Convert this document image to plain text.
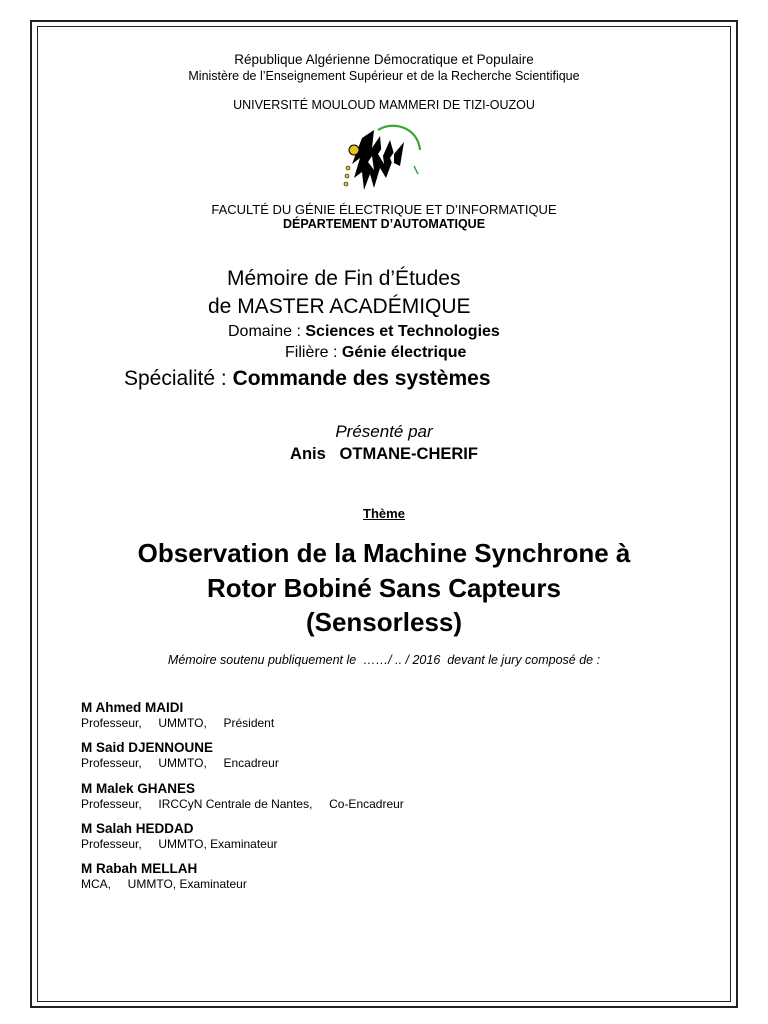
République Algérienne Démocratique et Populaire
Ministère de l’Enseignement Supérieur et de la Recherche Scientifique
UNIVERSITÉ MOULOUD MAMMERI DE TIZI-OUZOU
FACULTÉ DU GÉNIE ÉLECTRIQUE ET D’INFORMATIQUE
DÉPARTEMENT D’AUTOMATIQUE
Mémoire de Fin d’Études
de MASTER ACADÉMIQUE
Domaine : Sciences et Technologies
Filière : Génie électrique
Spécialité : Commande des systèmes
Présenté par
Anis   OTMANE-CHERIF
Thème
Observation de la Machine Synchrone à
Rotor Bobiné Sans Capteurs
(Sensorless)
Mémoire soutenu publiquement le  ……/ .. / 2016  devant le jury composé de :
M Ahmed MAIDI
Professeur,     UMMTO,     Président
M Said DJENNOUNE
Professeur,     UMMTO,     Encadreur
M Malek GHANES
Professeur,     IRCCyN Centrale de Nantes,     Co-Encadreur
M Salah HEDDAD
Professeur,     UMMTO, Examinateur
M Rabah MELLAH
MCA,     UMMTO, Examinateur
